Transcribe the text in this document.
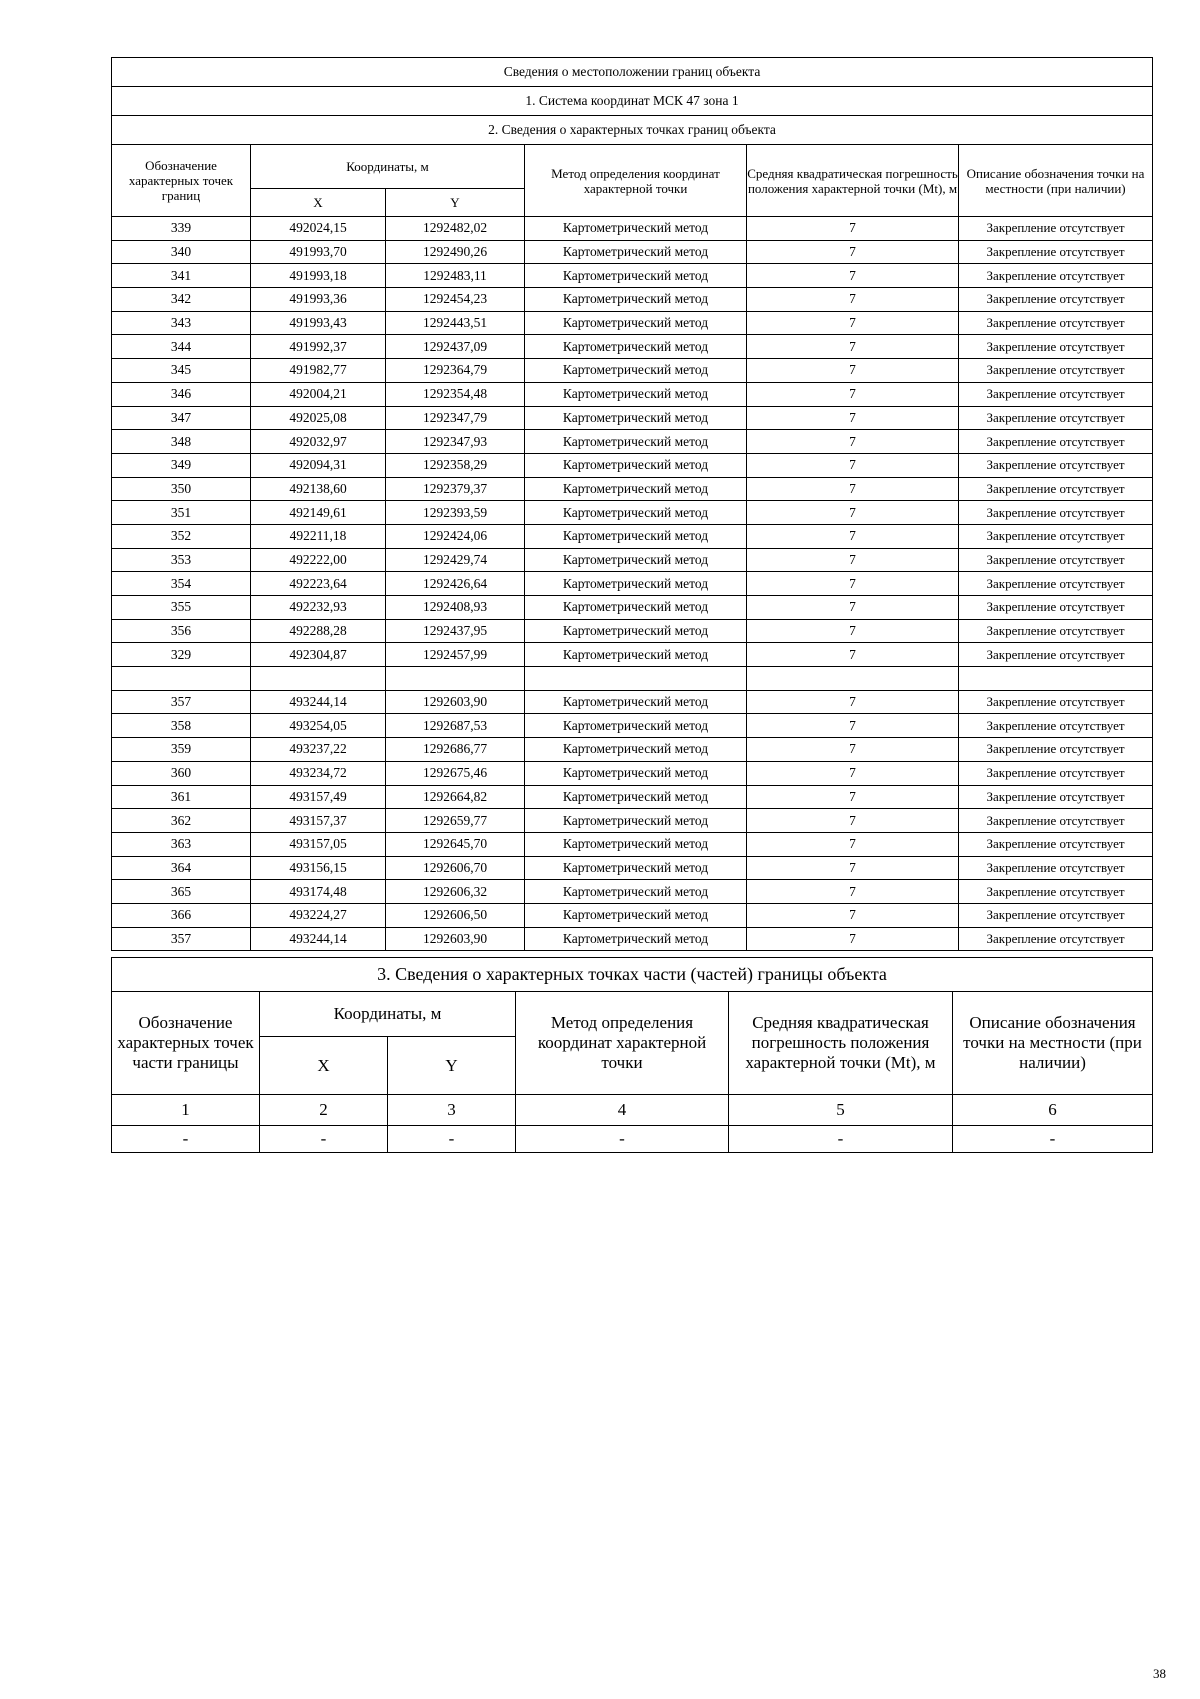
Сведения о местоположении границ объекта					
1. Система координат МСК 47 зона 1					
2. Сведения о характерных точках границ объекта					
Обозначение характерных точек границ	Координаты, м		Метод определения координат характерной точки	Средняя квадратическая погрешность положения характерной точки (Mt), м	Описание обозначения точки на местности (при наличии)
	X	Y			
339	492024,15	1292482,02	Картометрический метод	7	Закрепление отсутствует
340	491993,70	1292490,26	Картометрический метод	7	Закрепление отсутствует
341	491993,18	1292483,11	Картометрический метод	7	Закрепление отсутствует
342	491993,36	1292454,23	Картометрический метод	7	Закрепление отсутствует
343	491993,43	1292443,51	Картометрический метод	7	Закрепление отсутствует
344	491992,37	1292437,09	Картометрический метод	7	Закрепление отсутствует
345	491982,77	1292364,79	Картометрический метод	7	Закрепление отсутствует
346	492004,21	1292354,48	Картометрический метод	7	Закрепление отсутствует
347	492025,08	1292347,79	Картометрический метод	7	Закрепление отсутствует
348	492032,97	1292347,93	Картометрический метод	7	Закрепление отсутствует
349	492094,31	1292358,29	Картометрический метод	7	Закрепление отсутствует
350	492138,60	1292379,37	Картометрический метод	7	Закрепление отсутствует
351	492149,61	1292393,59	Картометрический метод	7	Закрепление отсутствует
352	492211,18	1292424,06	Картометрический метод	7	Закрепление отсутствует
353	492222,00	1292429,74	Картометрический метод	7	Закрепление отсутствует
354	492223,64	1292426,64	Картометрический метод	7	Закрепление отсутствует
355	492232,93	1292408,93	Картометрический метод	7	Закрепление отсутствует
356	492288,28	1292437,95	Картометрический метод	7	Закрепление отсутствует
329	492304,87	1292457,99	Картометрический метод	7	Закрепление отсутствует

357	493244,14	1292603,90	Картометрический метод	7	Закрепление отсутствует
358	493254,05	1292687,53	Картометрический метод	7	Закрепление отсутствует
359	493237,22	1292686,77	Картометрический метод	7	Закрепление отсутствует
360	493234,72	1292675,46	Картометрический метод	7	Закрепление отсутствует
361	493157,49	1292664,82	Картометрический метод	7	Закрепление отсутствует
362	493157,37	1292659,77	Картометрический метод	7	Закрепление отсутствует
363	493157,05	1292645,70	Картометрический метод	7	Закрепление отсутствует
364	493156,15	1292606,70	Картометрический метод	7	Закрепление отсутствует
365	493174,48	1292606,32	Картометрический метод	7	Закрепление отсутствует
366	493224,27	1292606,50	Картометрический метод	7	Закрепление отсутствует
357	493244,14	1292603,90	Картометрический метод	7	Закрепление отсутствует
3. Сведения о характерных точках части (частей) границы объекта					
Обозначение характерных точек части границы	Координаты, м		Метод определения координат характерной точки	Средняя квадратическая погрешность положения характерной точки (Mt), м	Описание обозначения точки на местности (при наличии)
	X	Y			
1	2	3	4	5	6
-	-	-	-	-	-
38
